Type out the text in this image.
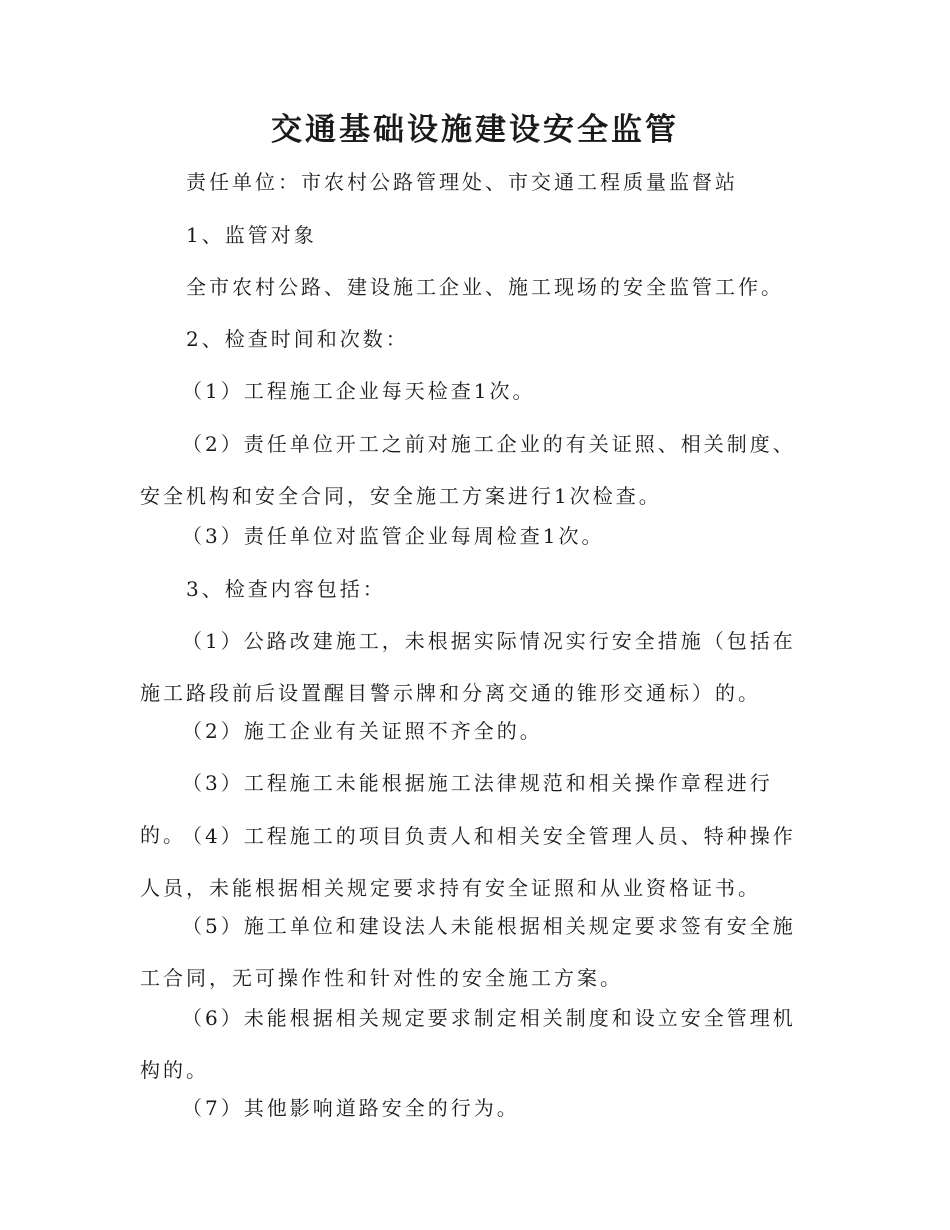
交通基础设施建设安全监管

责任单位：市农村公路管理处、市交通工程质量监督站

1、监管对象

全市农村公路、建设施工企业、施工现场的安全监管工作。

2、检查时间和次数：

（1）工程施工企业每天检查1次。

（2）责任单位开工之前对施工企业的有关证照、相关制度、安全机构和安全合同，安全施工方案进行1次检查。

（3）责任单位对监管企业每周检查1次。

3、检查内容包括：

（1）公路改建施工，未根据实际情况实行安全措施（包括在施工路段前后设置醒目警示牌和分离交通的锥形交通标）的。

（2）施工企业有关证照不齐全的。

（3）工程施工未能根据施工法律规范和相关操作章程进行的。

（4）工程施工的项目负责人和相关安全管理人员、特种操作人员，未能根据相关规定要求持有安全证照和从业资格证书。

（5）施工单位和建设法人未能根据相关规定要求签有安全施工合同，无可操作性和针对性的安全施工方案。

（6）未能根据相关规定要求制定相关制度和设立安全管理机构的。

（7）其他影响道路安全的行为。
